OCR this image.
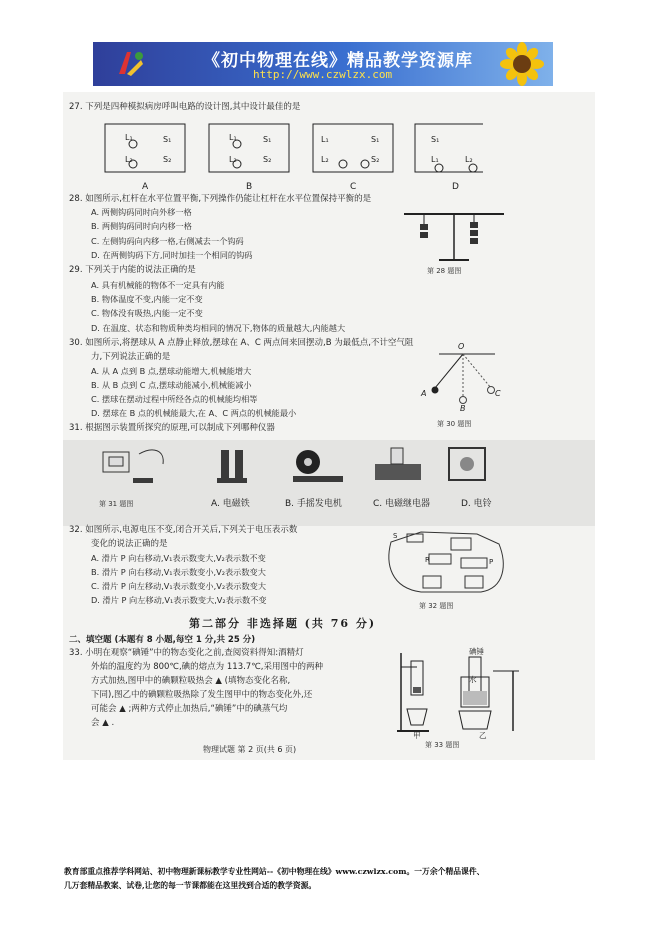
《初中物理在线》精品教学资源库
http://www.czwlzx.com
27. 下列是四种模拟病房呼叫电路的设计图,其中设计最佳的是
L₁
L₂
S₁
S₂
L₁
L₂
S₁
S₂
L₁
L₂
S₁
S₂
S₁
L₁	L₂
A	B	C	D
28. 如图所示,杠杆在水平位置平衡,下列操作仍能让杠杆在水平位置保持平衡的是
A. 两侧钩码同时向外移一格
B. 两侧钩码同时向内移一格
C. 左侧钩码向内移一格,右侧减去一个钩码
D. 在两侧钩码下方,同时加挂一个相同的钩码
第 28 题图
29. 下列关于内能的说法正确的是
A. 具有机械能的物体不一定具有内能
B. 物体温度不变,内能一定不变
C. 物体没有吸热,内能一定不变
D. 在温度、状态和物质种类均相同的情况下,物体的质量越大,内能越大
30. 如图所示,将摆球从 A 点静止释放,摆球在 A、C 两点间来回摆动,B 为最低点,不计空气阻
力,下列说法正确的是
A. 从 A 点到 B 点,摆球动能增大,机械能增大
B. 从 B 点到 C 点,摆球动能减小,机械能减小
C. 摆球在摆动过程中所经各点的机械能均相等
D. 摆球在 B 点的机械能最大,在 A、C 两点的机械能最小
O
A
B
C
第 30 题图
31. 根据图示装置所探究的原理,可以制成下列哪种仪器
第 31 题图	A. 电磁铁	B. 手摇发电机	C. 电磁继电器	D. 电铃
32. 如图所示,电源电压不变,闭合开关后,下列关于电压表示数
变化的说法正确的是
A. 滑片 P 向右移动,V₁表示数变大,V₂表示数不变
B. 滑片 P 向右移动,V₁表示数变小,V₂表示数变大
C. 滑片 P 向左移动,V₁表示数变小,V₂表示数变大
D. 滑片 P 向左移动,V₁表示数变大,V₂表示数不变
S
R	P
第 32 题图
第二部分 非选择题 (共 76 分)
二、填空题 (本题有 8 小题,每空 1 分,共 25 分)
33. 小明在观察“碘锤”中的物态变化之前,查阅资料得知:酒精灯
外焰的温度约为 800℃,碘的熔点为 113.7℃,采用图中的两种
方式加热,图甲中的碘颗粒吸热会 ▲ (填物态变化名称,
下同),图乙中的碘颗粒吸热除了发生图甲中的物态变化外,还
可能会 ▲ ;两种方式停止加热后,“碘锤”中的碘蒸气均
会 ▲ .
碘锤
水
甲	乙
第 33 题图
物理试题 第 2 页(共 6 页)
教育部重点推荐学科网站、初中物理新课标教学专业性网站--《初中物理在线》www.czwlzx.com。一万余个精品课件、
几万套精品教案、试卷,让您的每一节课都能在这里找到合适的教学资源。
